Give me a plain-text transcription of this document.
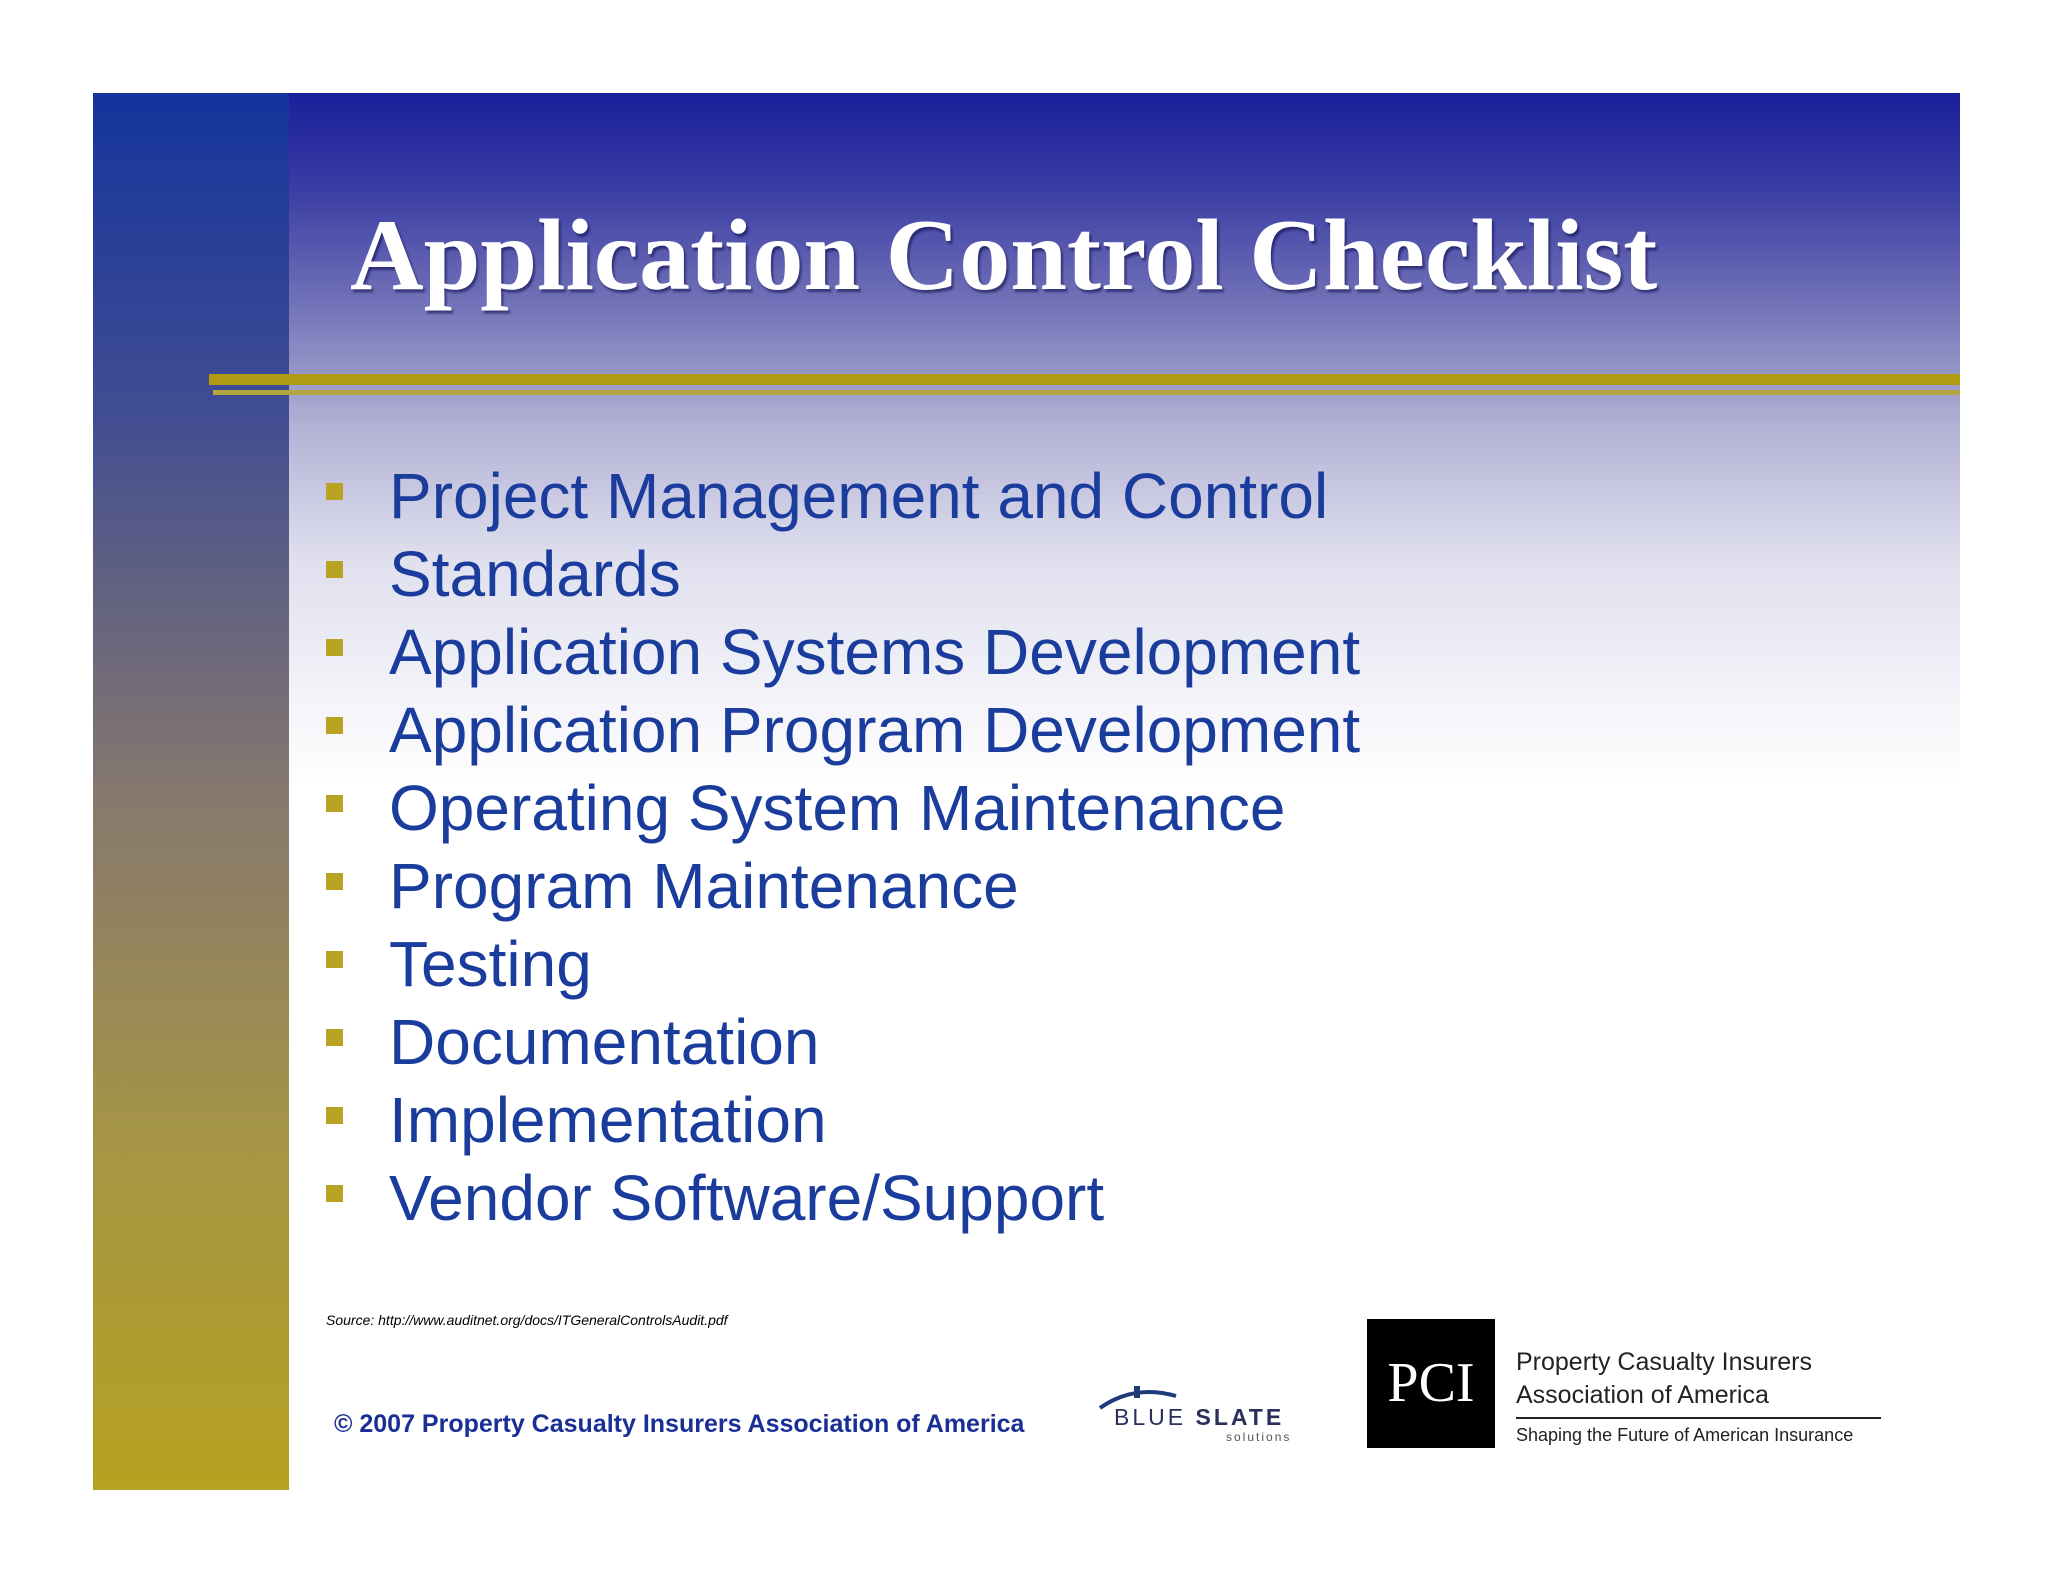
Application Control Checklist
Project Management and Control
Standards
Application Systems Development
Application Program Development
Operating System Maintenance
Program Maintenance
Testing
Documentation
Implementation
Vendor Software/Support
Source: http://www.auditnet.org/docs/ITGeneralControlsAudit.pdf
© 2007 Property Casualty Insurers Association of America	BLUE SLATE
solutions
PCI	Property Casualty Insurers
Association of America
Shaping the Future of American Insurance
